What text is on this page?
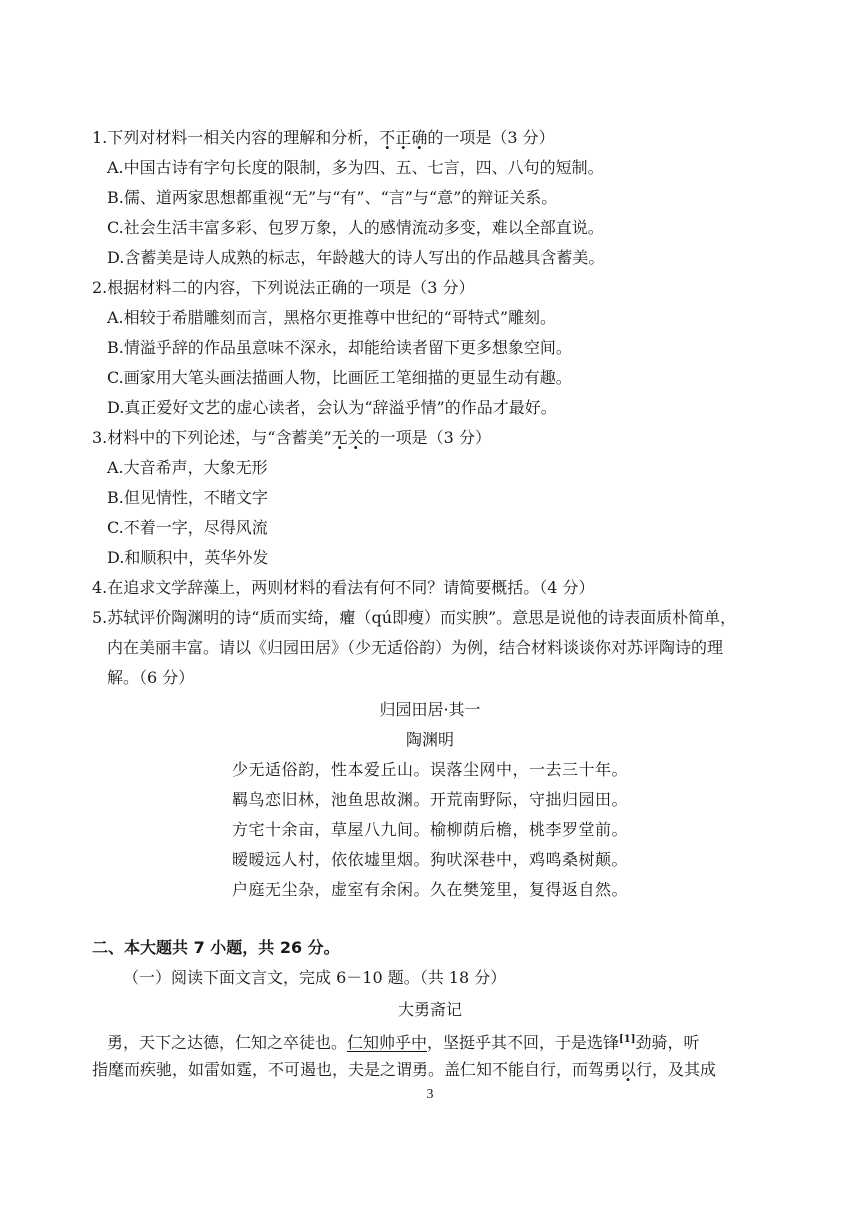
1.下列对材料一相关内容的理解和分析，不正确的一项是（3 分）
A.中国古诗有字句长度的限制，多为四、五、七言，四、八句的短制。
B.儒、道两家思想都重视“无”与“有”、“言”与“意”的辩证关系。
C.社会生活丰富多彩、包罗万象，人的感情流动多变，难以全部直说。
D.含蓄美是诗人成熟的标志，年龄越大的诗人写出的作品越具含蓄美。
2.根据材料二的内容，下列说法正确的一项是（3 分）
A.相较于希腊雕刻而言，黑格尔更推尊中世纪的“哥特式”雕刻。
B.情溢乎辞的作品虽意味不深永，却能给读者留下更多想象空间。
C.画家用大笔头画法描画人物，比画匠工笔细描的更显生动有趣。
D.真正爱好文艺的虚心读者，会认为“辞溢乎情”的作品才最好。
3.材料中的下列论述，与“含蓄美”无关的一项是（3 分）
A.大音希声，大象无形
B.但见情性，不睹文字
C.不着一字，尽得风流
D.和顺积中，英华外发
4.在追求文学辞藻上，两则材料的看法有何不同？请简要概括。（4 分）
5.苏轼评价陶渊明的诗“质而实绮，癯（qú即瘦）而实腴”。意思是说他的诗表面质朴简单，
内在美丽丰富。请以《归园田居》（少无适俗韵）为例，结合材料谈谈你对苏评陶诗的理
解。（6 分）
归园田居·其一
陶渊明
少无适俗韵，性本爱丘山。误落尘网中，一去三十年。
羁鸟恋旧林，池鱼思故渊。开荒南野际，守拙归园田。
方宅十余亩，草屋八九间。榆柳荫后檐，桃李罗堂前。
暧暧远人村，依依墟里烟。狗吠深巷中，鸡鸣桑树颠。
户庭无尘杂，虚室有余闲。久在樊笼里，复得返自然。
二、本大题共 7 小题，共 26 分。
（一）阅读下面文言文，完成 6－10 题。（共 18 分）
大勇斋记
勇，天下之达德，仁知之卒徒也。仁知帅乎中，坚挺乎其不回，于是选锋[1]劲骑，听
指麾而疾驰，如雷如霆，不可遏也，夫是之谓勇。盖仁知不能自行，而驾勇以行，及其成
3
